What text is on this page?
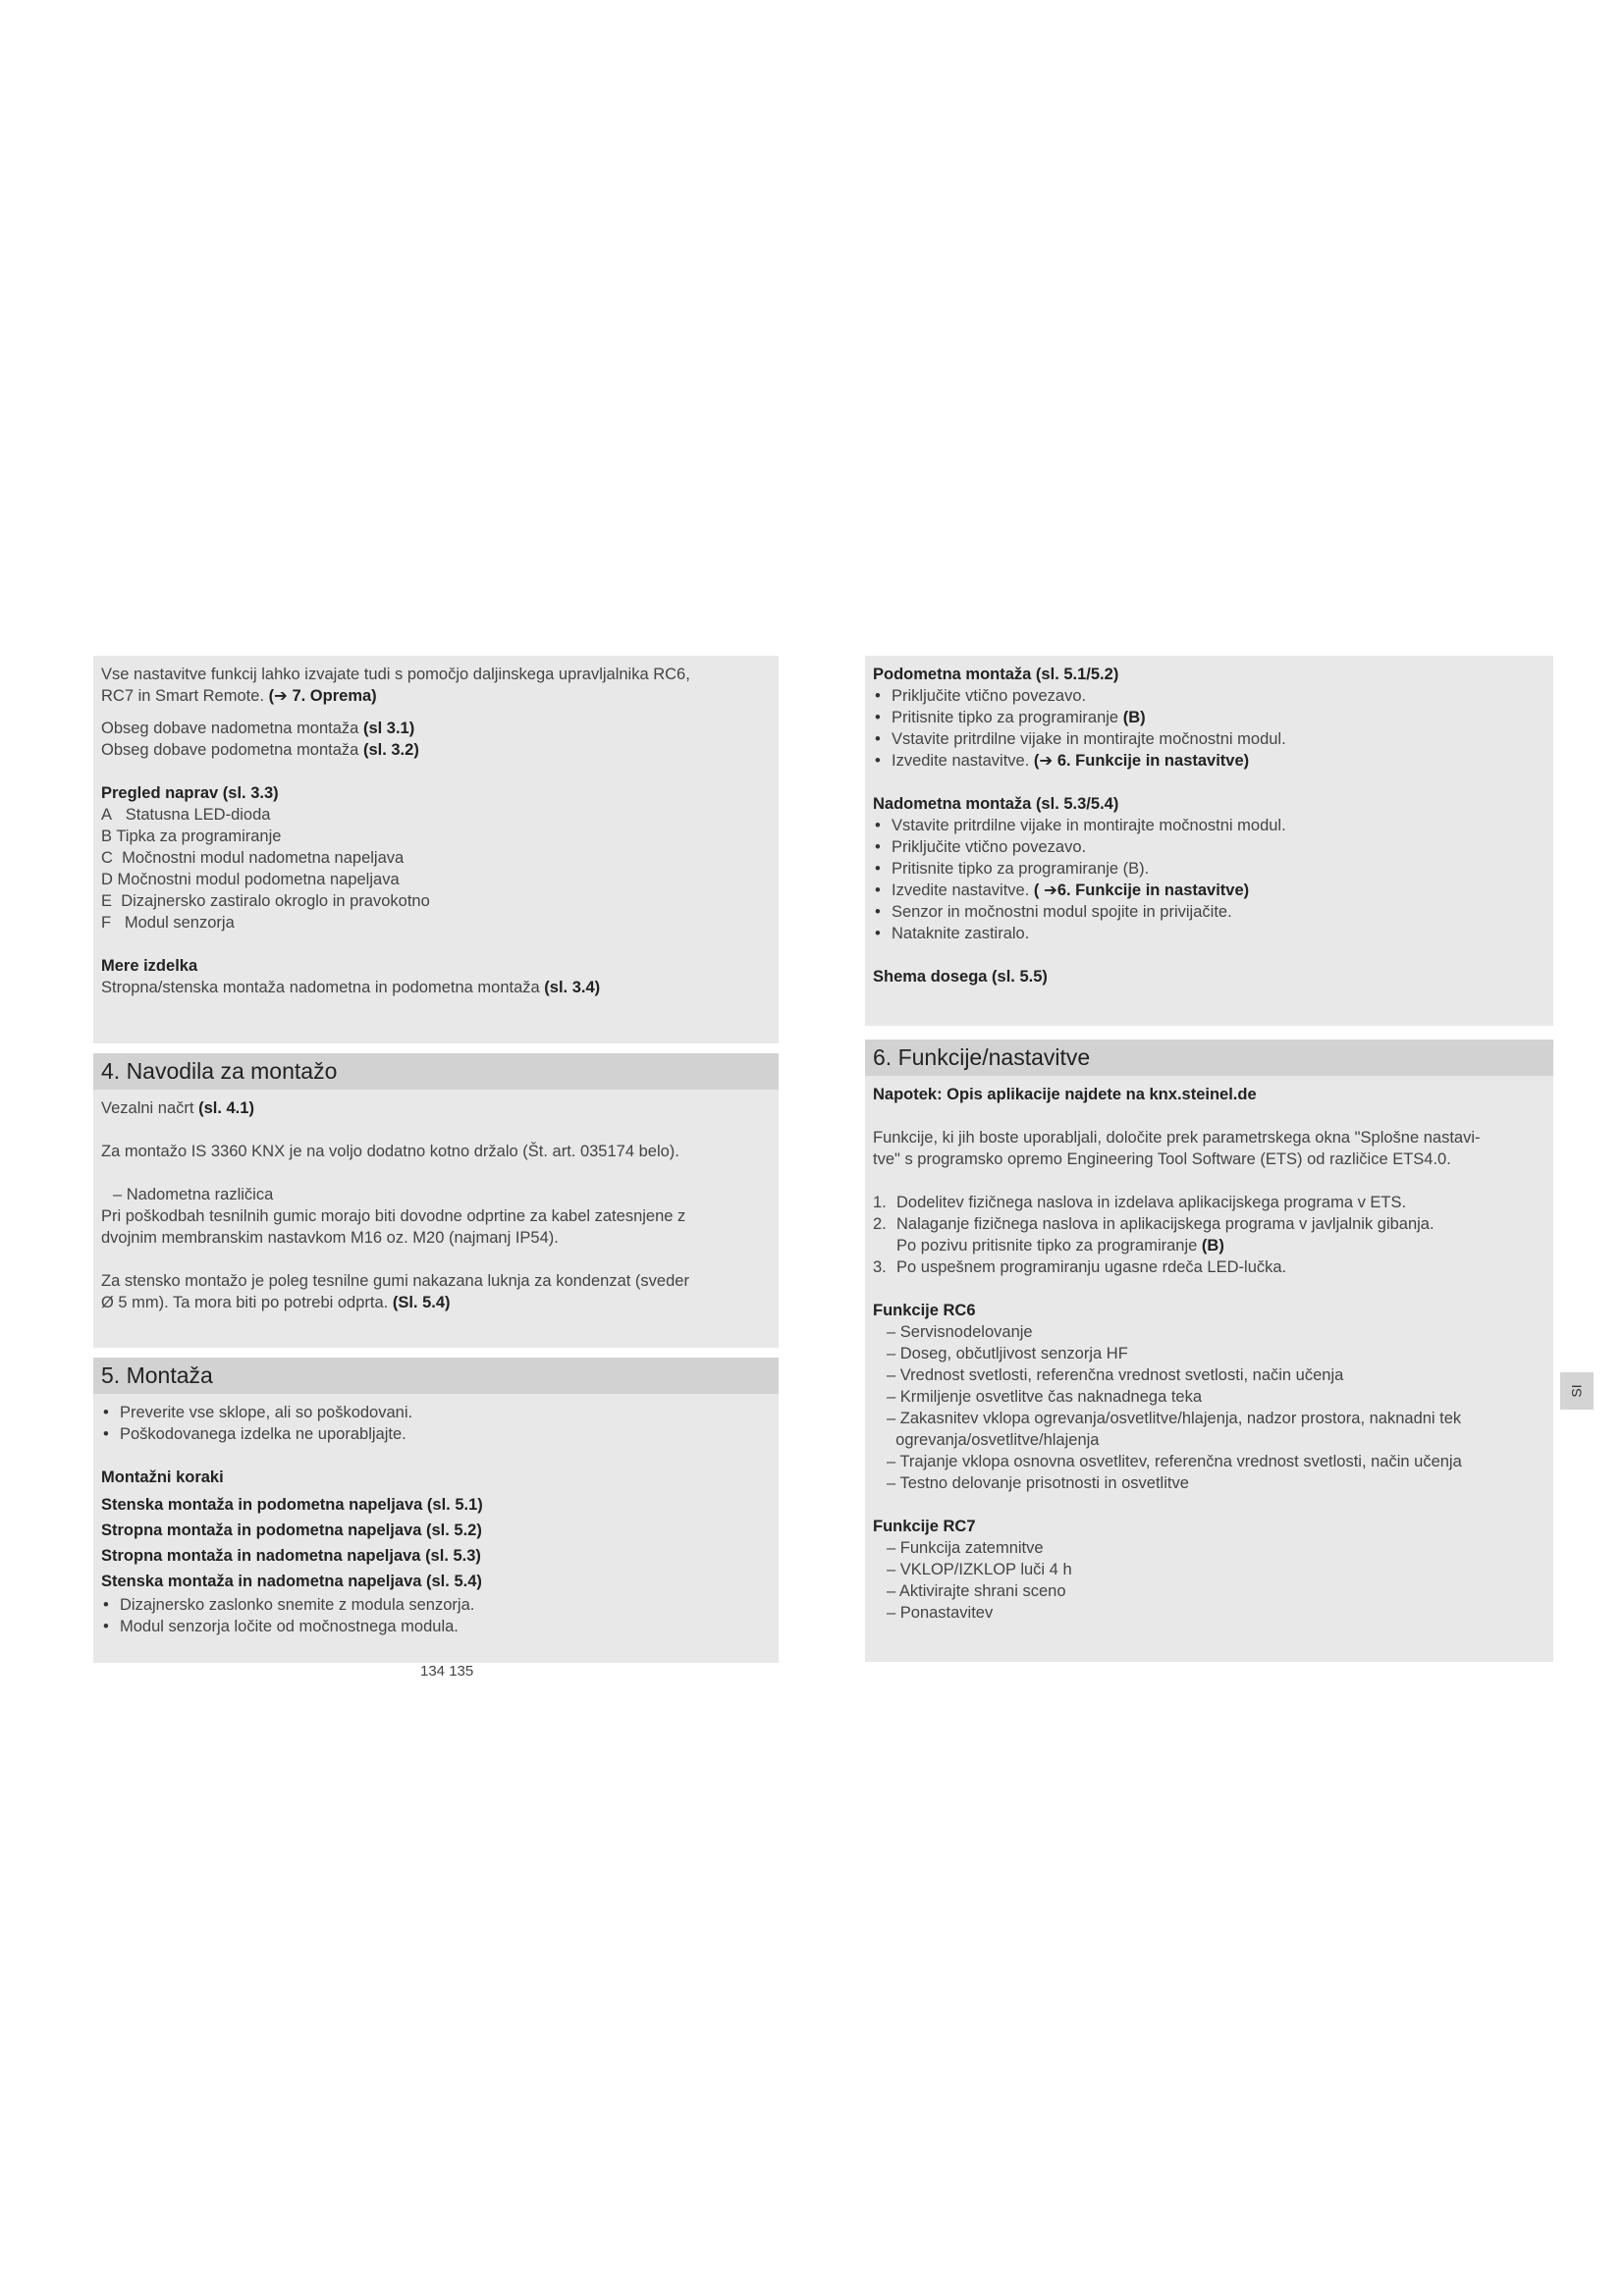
Vse nastavitve funkcij lahko izvajate tudi s pomočjo daljinskega upravljalnika RC6,
RC7 in Smart Remote. (➔ 7. Oprema)
Obseg dobave nadometna montaža (sl 3.1)
Obseg dobave podometna montaža (sl. 3.2)
Pregled naprav (sl. 3.3)
A Statusna LED-dioda
B Tipka za programiranje
C Močnostni modul nadometna napeljava
D Močnostni modul podometna napeljava
E Dizajnersko zastiralo okroglo in pravokotno
F Modul senzorja
Mere izdelka
Stropna/stenska montaža nadometna in podometna montaža (sl. 3.4)
4. Navodila za montažo
Vezalni načrt (sl. 4.1)
Za montažo IS 3360 KNX je na voljo dodatno kotno držalo (Št. art. 035174 belo).
– Nadometna različica
Pri poškodbah tesnilnih gumic morajo biti dovodne odprtine za kabel zatesnjene z
dvojnim membranskim nastavkom M16 oz. M20 (najmanj IP54).
Za stensko montažo je poleg tesnilne gumi nakazana luknja za kondenzat (sveder
Ø 5 mm). Ta mora biti po potrebi odprta. (Sl. 5.4)
5. Montaža
• Preverite vse sklope, ali so poškodovani.
• Poškodovanega izdelka ne uporabljajte.
Montažni koraki
Stenska montaža in podometna napeljava (sl. 5.1)
Stropna montaža in podometna napeljava (sl. 5.2)
Stropna montaža in nadometna napeljava (sl. 5.3)
Stenska montaža in nadometna napeljava (sl. 5.4)
• Dizajnersko zaslonko snemite z modula senzorja.
• Modul senzorja ločite od močnostnega modula.
134 135
Podometna montaža (sl. 5.1/5.2)
• Priključite vtično povezavo.
• Pritisnite tipko za programiranje (B)
• Vstavite pritrdilne vijake in montirajte močnostni modul.
• Izvedite nastavitve. (➔ 6. Funkcije in nastavitve)
Nadometna montaža (sl. 5.3/5.4)
• Vstavite pritrdilne vijake in montirajte močnostni modul.
• Priključite vtično povezavo.
• Pritisnite tipko za programiranje (B).
• Izvedite nastavitve. ( ➔6. Funkcije in nastavitve)
• Senzor in močnostni modul spojite in privijačite.
• Nataknite zastiralo.
Shema dosega (sl. 5.5)
6. Funkcije/nastavitve
Napotek: Opis aplikacije najdete na knx.steinel.de
Funkcije, ki jih boste uporabljali, določite prek parametrskega okna "Splošne nastavi-
tve" s programsko opremo Engineering Tool Software (ETS) od različice ETS4.0.
1. Dodelitev fizičnega naslova in izdelava aplikacijskega programa v ETS.
2. Nalaganje fizičnega naslova in aplikacijskega programa v javljalnik gibanja.
Po pozivu pritisnite tipko za programiranje (B)
3. Po uspešnem programiranju ugasne rdeča LED-lučka.
Funkcije RC6
– Servisnodelovanje
– Doseg, občutljivost senzorja HF
– Vrednost svetlosti, referenčna vrednost svetlosti, način učenja
– Krmiljenje osvetlitve čas naknadnega teka
– Zakasnitev vklopa ogrevanja/osvetlitve/hlajenja, nadzor prostora, naknadni tek
ogrevanja/osvetlitve/hlajenja
– Trajanje vklopa osnovna osvetlitev, referenčna vrednost svetlosti, način učenja
– Testno delovanje prisotnosti in osvetlitve
Funkcije RC7
– Funkcija zatemnitve
– VKLOP/IZKLOP luči 4 h
– Aktivirajte shrani sceno
– Ponastavitev
SI
